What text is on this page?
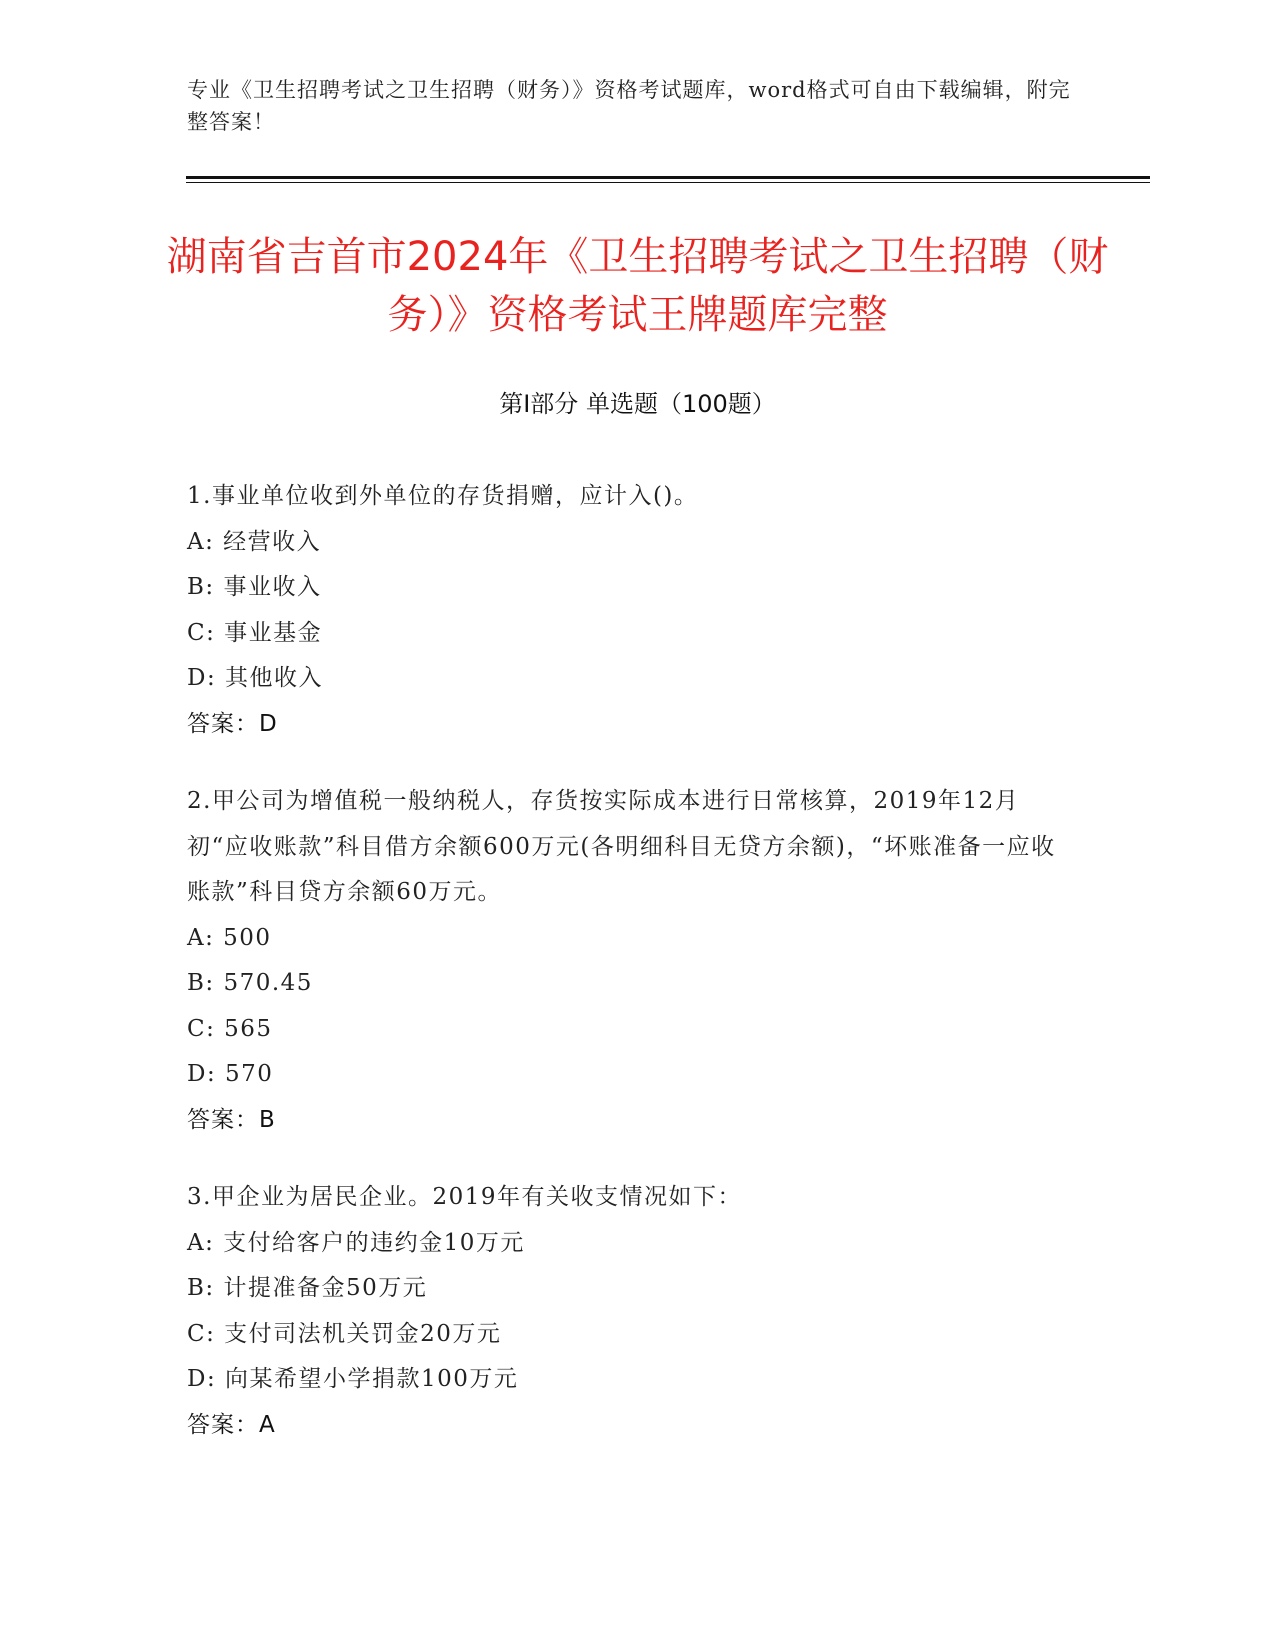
专业《卫生招聘考试之卫生招聘（财务）》资格考试题库，word格式可自由下载编辑，附完整答案！
湖南省吉首市2024年《卫生招聘考试之卫生招聘（财务）》资格考试王牌题库完整
第Ⅰ部分 单选题（100题）

1.事业单位收到外单位的存货捐赠，应计入()。

A: 经营收入

B: 事业收入

C: 事业基金

D: 其他收入

答案：D

2.甲公司为增值税一般纳税人，存货按实际成本进行日常核算，2019年12月初“应收账款”科目借方余额600万元(各明细科目无贷方余额)，“坏账准备一应收账款”科目贷方余额60万元。

A: 500

B: 570.45

C: 565

D: 570

答案：B

3.甲企业为居民企业。2019年有关收支情况如下：

A: 支付给客户的违约金10万元

B: 计提准备金50万元

C: 支付司法机关罚金20万元

D: 向某希望小学捐款100万元

答案：A
